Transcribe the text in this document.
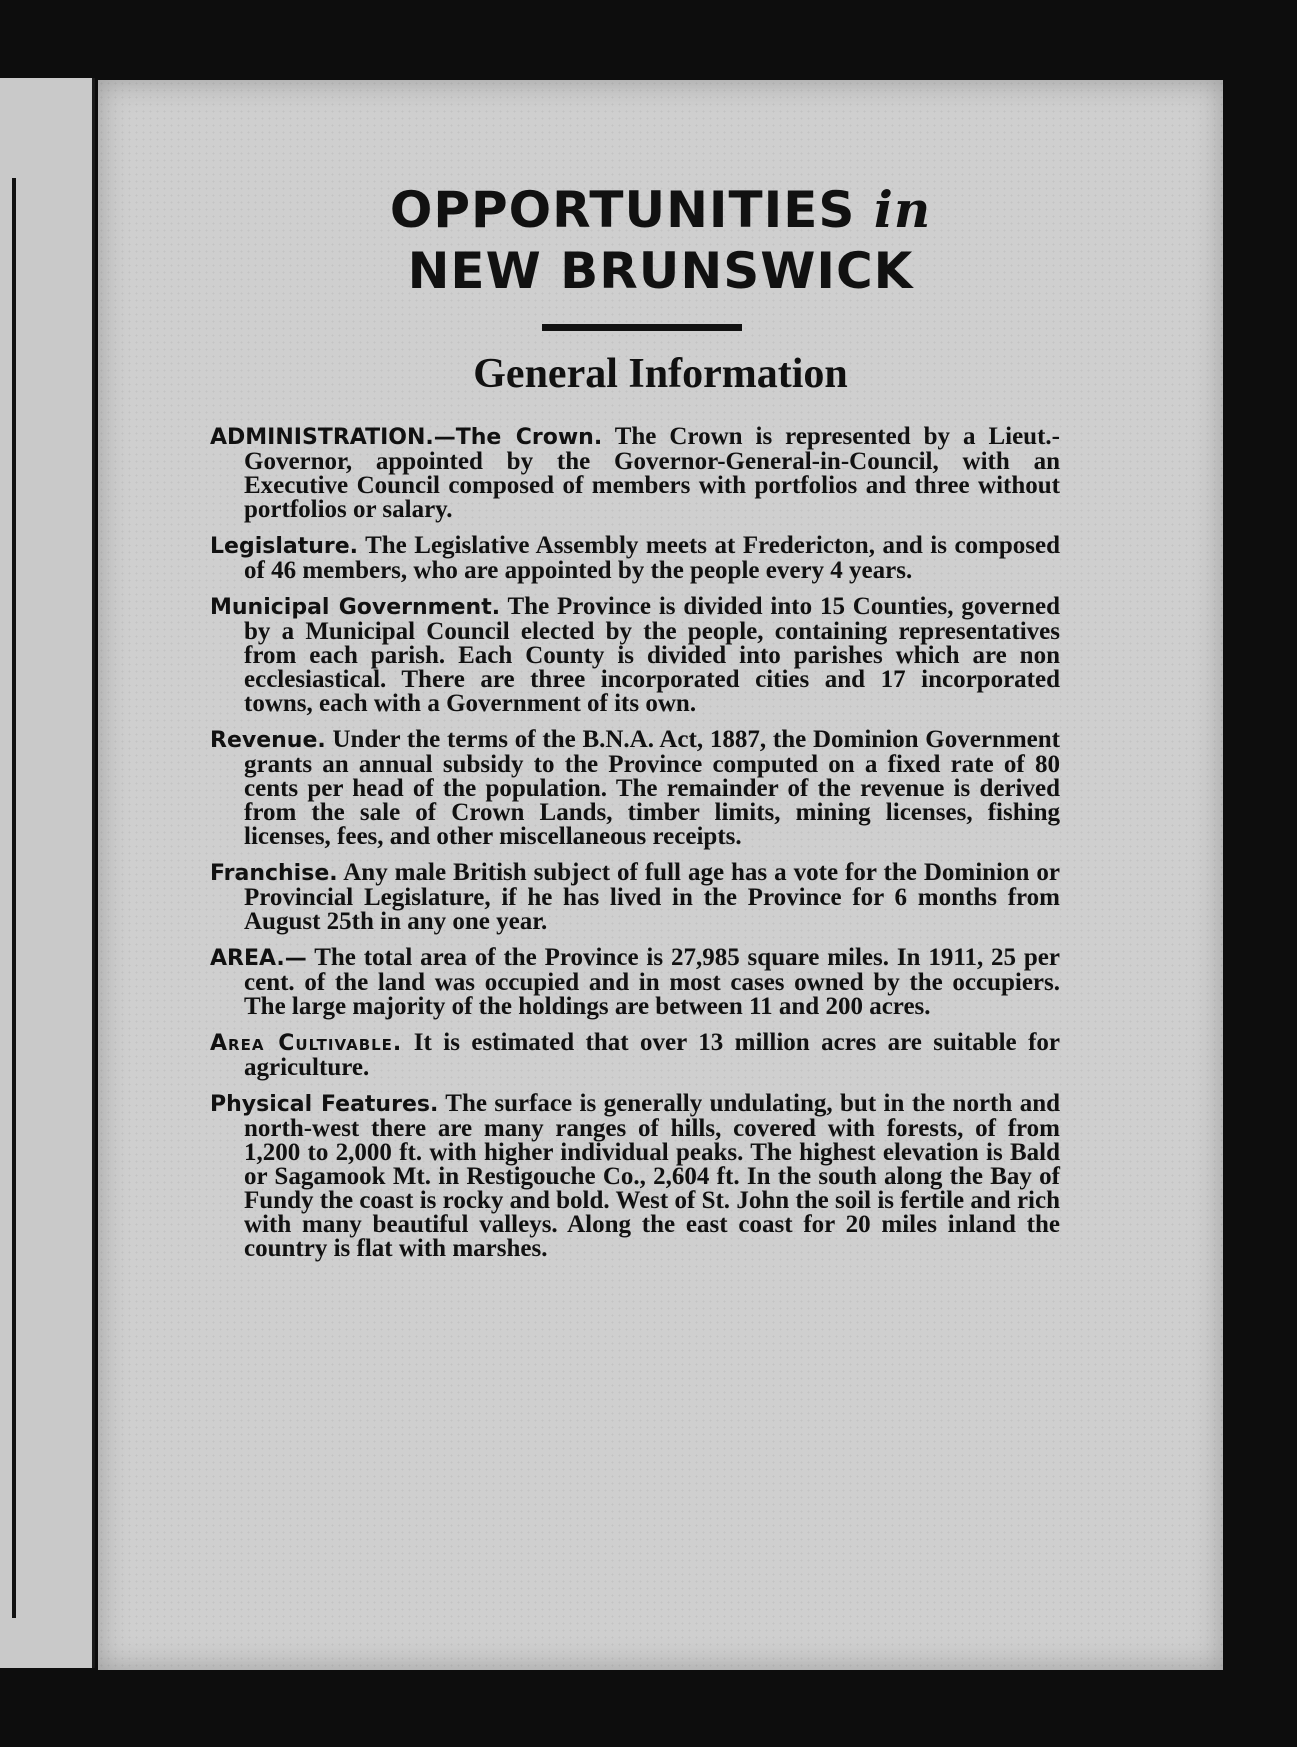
OPPORTUNITIES in
NEW BRUNSWICK
General Information

ADMINISTRATION.—The Crown. The Crown is represented by a Lieut.-Governor, appointed by the Governor-General-in-Council, with an Executive Council composed of members with portfolios and three without portfolios or salary.

Legislature. The Legislative Assembly meets at Fredericton, and is composed of 46 members, who are appointed by the people every 4 years.

Municipal Government. The Province is divided into 15 Counties, governed by a Municipal Council elected by the people, containing representatives from each parish. Each County is divided into parishes which are non ecclesiastical. There are three incorporated cities and 17 incorporated towns, each with a Government of its own.

Revenue. Under the terms of the B.N.A. Act, 1887, the Dominion Government grants an annual subsidy to the Province computed on a fixed rate of 80 cents per head of the population. The remainder of the revenue is derived from the sale of Crown Lands, timber limits, mining licenses, fishing licenses, fees, and other miscellaneous receipts.

Franchise. Any male British subject of full age has a vote for the Dominion or Provincial Legislature, if he has lived in the Province for 6 months from August 25th in any one year.

AREA.— The total area of the Province is 27,985 square miles. In 1911, 25 per cent. of the land was occupied and in most cases owned by the occupiers. The large majority of the holdings are between 11 and 200 acres.

Area Cultivable. It is estimated that over 13 million acres are suitable for agriculture.

Physical Features. The surface is generally undulating, but in the north and north-west there are many ranges of hills, covered with forests, of from 1,200 to 2,000 ft. with higher individual peaks. The highest elevation is Bald or Sagamook Mt. in Restigouche Co., 2,604 ft. In the south along the Bay of Fundy the coast is rocky and bold. West of St. John the soil is fertile and rich with many beautiful valleys. Along the east coast for 20 miles inland the country is flat with marshes.
